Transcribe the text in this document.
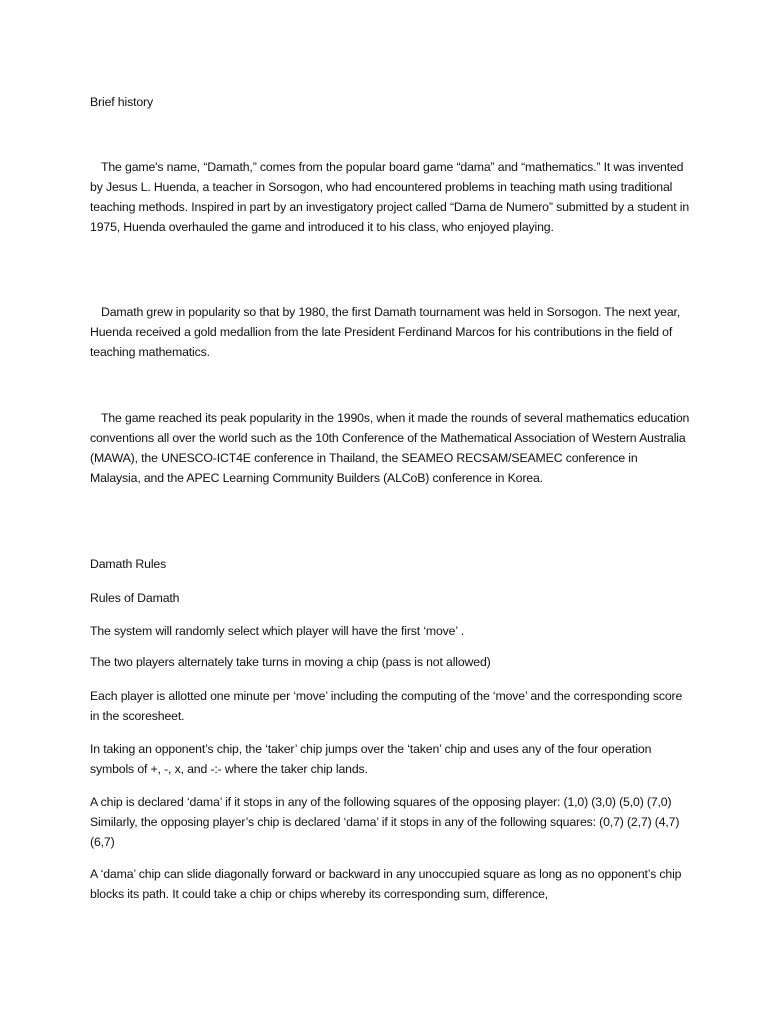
Brief history

The game's name, “Damath,” comes from the popular board game “dama” and “mathematics.” It was invented by Jesus L. Huenda, a teacher in Sorsogon, who had encountered problems in teaching math using traditional teaching methods. Inspired in part by an investigatory project called “Dama de Numero” submitted by a student in 1975, Huenda overhauled the game and introduced it to his class, who enjoyed playing.

Damath grew in popularity so that by 1980, the first Damath tournament was held in Sorsogon. The next year, Huenda received a gold medallion from the late President Ferdinand Marcos for his contributions in the field of teaching mathematics.

The game reached its peak popularity in the 1990s, when it made the rounds of several mathematics education conventions all over the world such as the 10th Conference of the Mathematical Association of Western Australia (MAWA), the UNESCO-ICT4E conference in Thailand, the SEAMEO RECSAM/SEAMEC conference in Malaysia, and the APEC Learning Community Builders (ALCoB) conference in Korea.

Damath Rules

Rules of Damath

The system will randomly select which player will have the first ‘move’ .

The two players alternately take turns in moving a chip (pass is not allowed)

Each player is allotted one minute per ‘move’ including the computing of the ‘move’ and the corresponding score in the scoresheet.

In taking an opponent’s chip, the ‘taker’ chip jumps over the ‘taken’ chip and uses any of the four operation symbols of +, -, x, and -:- where the taker chip lands.

A chip is declared ‘dama’ if it stops in any of the following squares of the opposing player: (1,0) (3,0) (5,0) (7,0) Similarly, the opposing player’s chip is declared ‘dama’ if it stops in any of the following squares: (0,7) (2,7) (4,7) (6,7)

A ‘dama’ chip can slide diagonally forward or backward in any unoccupied square as long as no opponent’s chip blocks its path. It could take a chip or chips whereby its corresponding sum, difference,
